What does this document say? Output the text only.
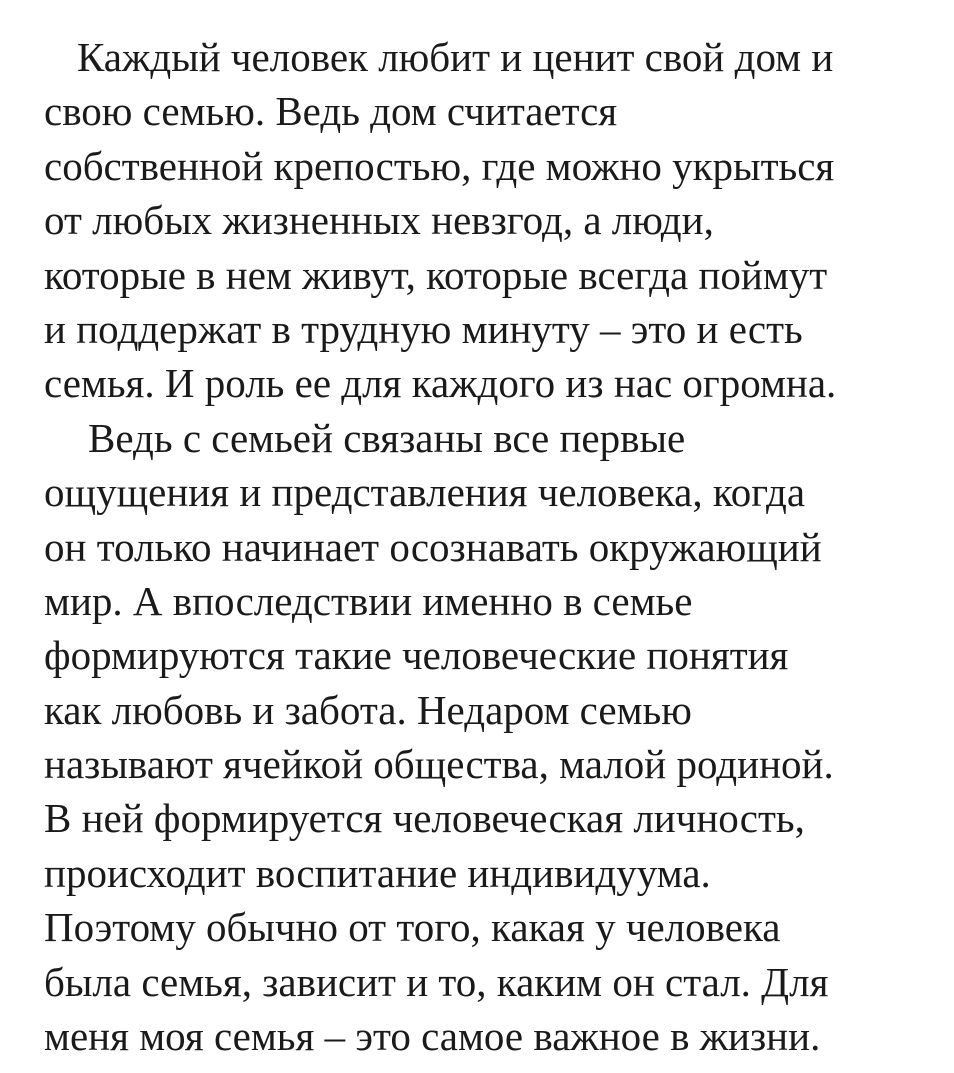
Каждый человек любит и ценит свой дом и
свою семью. Ведь дом считается
собственной крепостью, где можно укрыться
от любых жизненных невзгод, а люди,
которые в нем живут, которые всегда поймут
и поддержат в трудную минуту – это и есть
семья. И роль ее для каждого из нас огромна.
Ведь с семьей связаны все первые
ощущения и представления человека, когда
он только начинает осознавать окружающий
мир. А впоследствии именно в семье
формируются такие человеческие понятия
как любовь и забота. Недаром семью
называют ячейкой общества, малой родиной.
В ней формируется человеческая личность,
происходит воспитание индивидуума.
Поэтому обычно от того, какая у человека
была семья, зависит и то, каким он стал. Для
меня моя семья – это самое важное в жизни.
